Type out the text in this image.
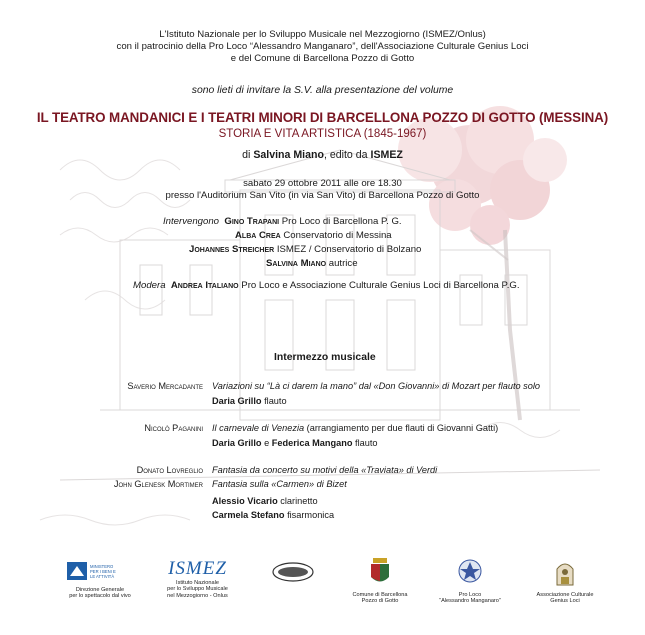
L'Istituto Nazionale per lo Sviluppo Musicale nel Mezzogiorno (ISMEZ/Onlus)
con il patrocinio della Pro Loco “Alessandro Manganaro”, dell'Associazione Culturale Genius Loci
e del Comune di Barcellona Pozzo di Gotto
sono lieti di invitare la S.V. alla presentazione del volume
IL TEATRO MANDANICI E I TEATRI MINORI DI BARCELLONA POZZO DI GOTTO (MESSINA)
STORIA E VITA ARTISTICA (1845-1967)
di Salvina Miano, edito da ISMEZ
sabato 29 ottobre 2011 alle ore 18.30
presso l'Auditorium San Vito (in via San Vito) di Barcellona Pozzo di Gotto
Intervengono Gino Trapani Pro Loco di Barcellona P. G.
Alba Crea Conservatorio di Messina
Johannes Streicher ISMEZ / Conservatorio di Bolzano
Salvina Miano autrice
Modera Andrea Italiano Pro Loco e Associazione Culturale Genius Loci di Barcellona P.G.
Intermezzo musicale
Saverio Mercadante Variazioni su “Là ci darem la mano” dal «Don Giovanni» di Mozart per flauto solo
Daria Grillo flauto
Nicolò Paganini Il carnevale di Venezia (arrangiamento per due flauti di Giovanni Gatti)
Daria Grillo e Federica Mangano flauto
Donato Lovreglio
John Glenesk Mortimer
Fantasia da concerto su motivi della «Traviata» di Verdi
Fantasia sulla «Carmen» di Bizet
Alessio Vicario clarinetto
Carmela Stefano fisarmonica
MINISTERO
PER I BENI E
LE ATTIVITÀ
Direzione Generale
per lo spettacolo dal vivo
ISMEZ
Istituto Nazionale
per lo Sviluppo Musicale
nel Mezzogiorno - Onlus	Comune di Barcellona
Pozzo di Gotto
Pro Loco
“Alessandro Manganaro”
Associazione Culturale
Genius Loci
